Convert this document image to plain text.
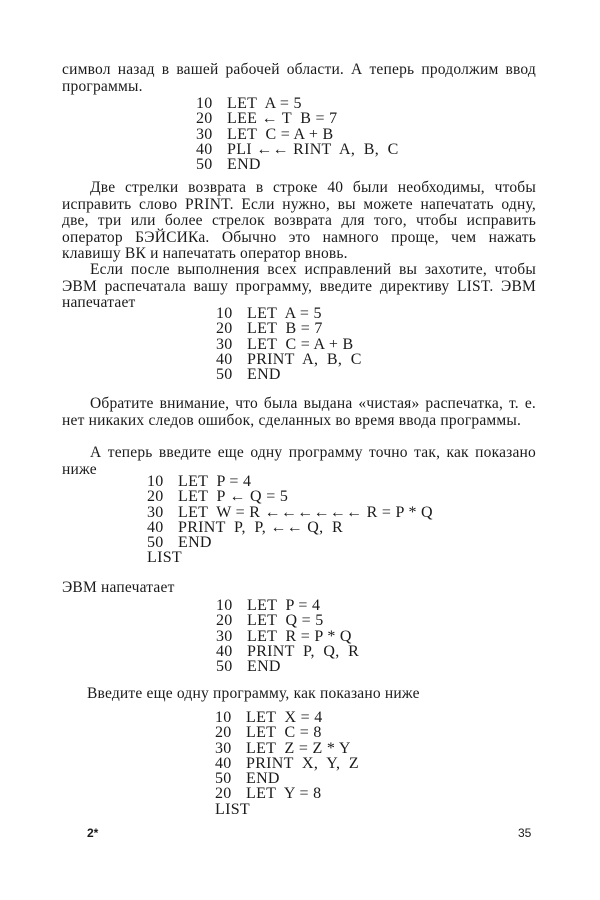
символ назад в вашей рабочей области. А теперь продолжим ввод программы.
10 LET  A = 5
20 LEE ← T  B = 7
30 LET  C = A + B
40 PLI ←← RINT  A,  B,  C
50 END
Две стрелки возврата в строке 40 были необходимы, чтобы исправить слово PRINT. Если нужно, вы можете напечатать одну, две, три или более стрелок возврата для того, чтобы исправить оператор БЭЙСИКа. Обычно это намного проще, чем нажать клавишу ВК и напечатать оператор вновь.
Если после выполнения всех исправлений вы захотите, чтобы ЭВМ распечатала вашу программу, введите директиву LIST. ЭВМ напечатает
10 LET  A = 5
20 LET  B = 7
30 LET  C = A + B
40 PRINT  A,  B,  C
50 END
Обратите внимание, что была выдана «чистая» распечатка, т. е. нет никаких следов ошибок, сделанных во время ввода программы.
А теперь введите еще одну программу точно так, как показано ниже
10 LET  P = 4
20 LET  P ← Q = 5
30 LET  W = R ←←←←←← R = P * Q
40 PRINT  P,  P, ←← Q,  R
50 END
LIST
ЭВМ напечатает
10 LET  P = 4
20 LET  Q = 5
30 LET  R = P * Q
40 PRINT  P,  Q,  R
50 END
Введите еще одну программу, как показано ниже
10 LET  X = 4
20 LET  C = 8
30 LET  Z = Z * Y
40 PRINT  X,  Y,  Z
50 END
20 LET  Y = 8
LIST
2*	35
